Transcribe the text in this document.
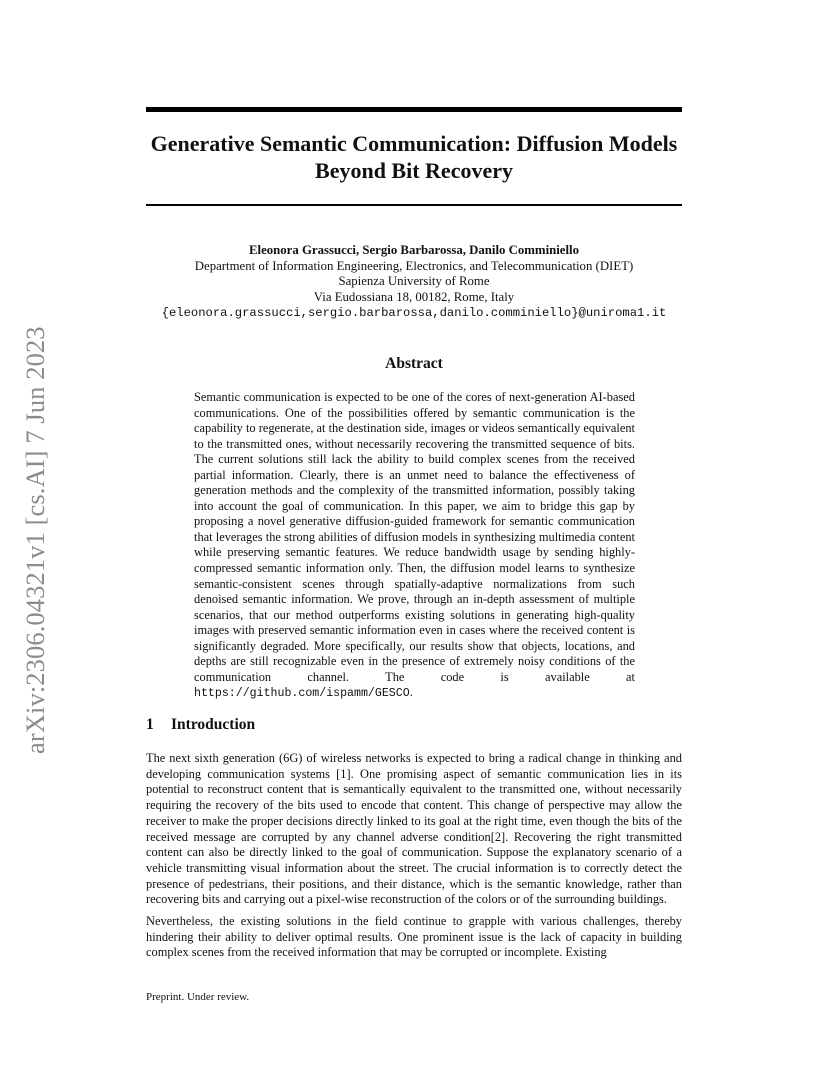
arXiv:2306.04321v1 [cs.AI] 7 Jun 2023
Generative Semantic Communication: Diffusion Models Beyond Bit Recovery
Eleonora Grassucci, Sergio Barbarossa, Danilo Comminiello
Department of Information Engineering, Electronics, and Telecommunication (DIET)
Sapienza University of Rome
Via Eudossiana 18, 00182, Rome, Italy
{eleonora.grassucci,sergio.barbarossa,danilo.comminiello}@uniroma1.it
Abstract

Semantic communication is expected to be one of the cores of next-generation AI-based communications. One of the possibilities offered by semantic communication is the capability to regenerate, at the destination side, images or videos semantically equivalent to the transmitted ones, without necessarily recovering the transmitted sequence of bits. The current solutions still lack the ability to build complex scenes from the received partial information. Clearly, there is an unmet need to balance the effectiveness of generation methods and the complexity of the transmitted information, possibly taking into account the goal of communication. In this paper, we aim to bridge this gap by proposing a novel generative diffusion-guided framework for semantic communication that leverages the strong abilities of diffusion models in synthesizing multimedia content while preserving semantic features. We reduce bandwidth usage by sending highly-compressed semantic information only. Then, the diffusion model learns to synthesize semantic-consistent scenes through spatially-adaptive normalizations from such denoised semantic information. We prove, through an in-depth assessment of multiple scenarios, that our method outperforms existing solutions in generating high-quality images with preserved semantic information even in cases where the received content is significantly degraded. More specifically, our results show that objects, locations, and depths are still recognizable even in the presence of extremely noisy conditions of the communication channel. The code is available at https://github.com/ispamm/GESCO.

1 Introduction

The next sixth generation (6G) of wireless networks is expected to bring a radical change in thinking and developing communication systems [1]. One promising aspect of semantic communication lies in its potential to reconstruct content that is semantically equivalent to the transmitted one, without necessarily requiring the recovery of the bits used to encode that content. This change of perspective may allow the receiver to make the proper decisions directly linked to its goal at the right time, even though the bits of the received message are corrupted by any channel adverse condition[2]. Recovering the right transmitted content can also be directly linked to the goal of communication. Suppose the explanatory scenario of a vehicle transmitting visual information about the street. The crucial information is to correctly detect the presence of pedestrians, their positions, and their distance, which is the semantic knowledge, rather than recovering bits and carrying out a pixel-wise reconstruction of the colors or of the surrounding buildings.

Nevertheless, the existing solutions in the field continue to grapple with various challenges, thereby hindering their ability to deliver optimal results. One prominent issue is the lack of capacity in building complex scenes from the received information that may be corrupted or incomplete. Existing

Preprint. Under review.
